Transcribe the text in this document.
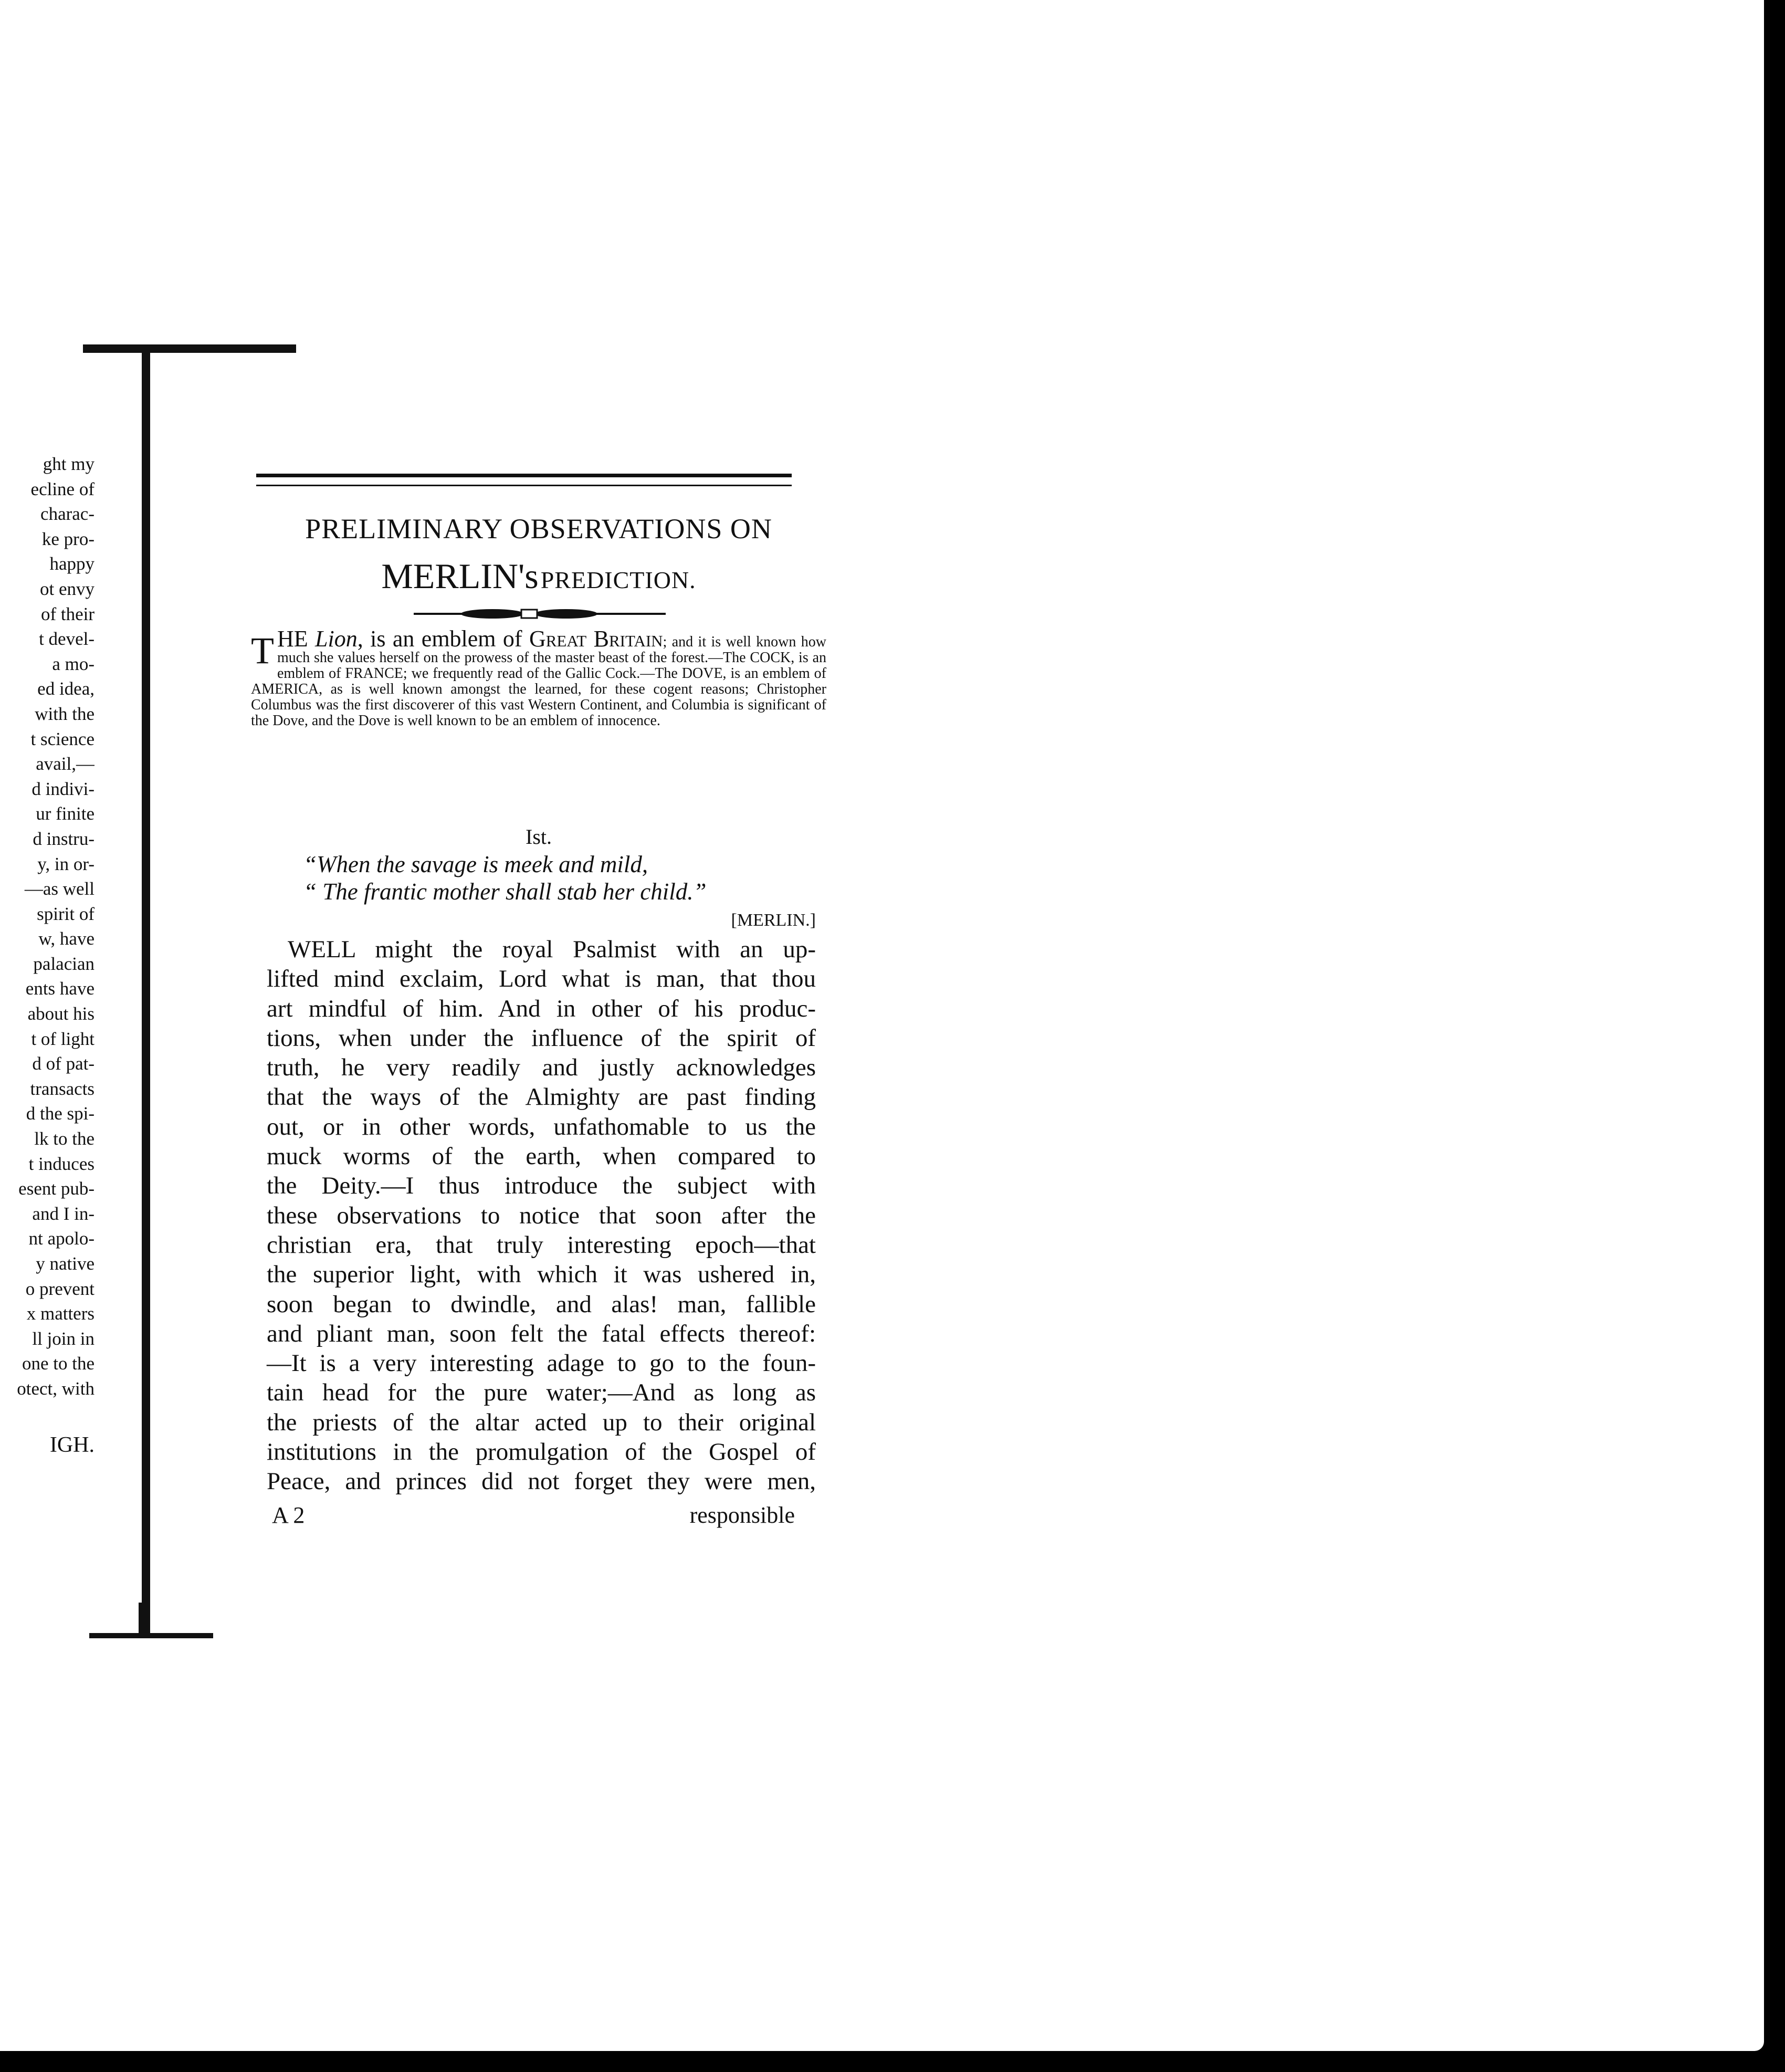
ght my
ecline of
charac-
ke pro-
happy
ot envy
of their
t devel-
a mo-
ed idea,
with the
t science
avail,—
d indivi-
ur finite
d instru-
y, in or-
—as well
spirit of
w, have
palacian
ents have
about his
t of light
d of pat-
transacts
d the spi-
lk to the
t induces
esent pub-
and I in-
nt apolo-
y native
o prevent
x matters
ll join in
one to the
otect, with
IGH.
PRELIMINARY OBSERVATIONS ON
MERLIN's PREDICTION.
T HE Lion, is an emblem of Great Britain; and it is well known how much she values herself on the prowess of the master beast of the forest.—The COCK, is an emblem of FRANCE; we frequently read of the Gallic Cock.—The DOVE, is an emblem of AMERICA, as is well known amongst the learned, for these cogent reasons; Christopher Columbus was the first discoverer of this vast Western Continent, and Columbia is significant of the Dove, and the Dove is well known to be an emblem of innocence.
Ist.
“When the savage is meek and mild,
“ The frantic mother shall stab her child.”
[MERLIN.]
WELL might the royal Psalmist with an up-
lifted mind exclaim, Lord what is man, that thou
art mindful of him. And in other of his produc-
tions, when under the influence of the spirit of
truth, he very readily and justly acknowledges
that the ways of the Almighty are past finding
out, or in other words, unfathomable to us the
muck worms of the earth, when compared to
the Deity.—I thus introduce the subject with
these observations to notice that soon after the
christian era, that truly interesting epoch—that
the superior light, with which it was ushered in,
soon began to dwindle, and alas! man, fallible
and pliant man, soon felt the fatal effects thereof:
—It is a very interesting adage to go to the foun-
tain head for the pure water;—And as long as
the priests of the altar acted up to their original
institutions in the promulgation of the Gospel of
Peace, and princes did not forget they were men,
A 2	responsible
